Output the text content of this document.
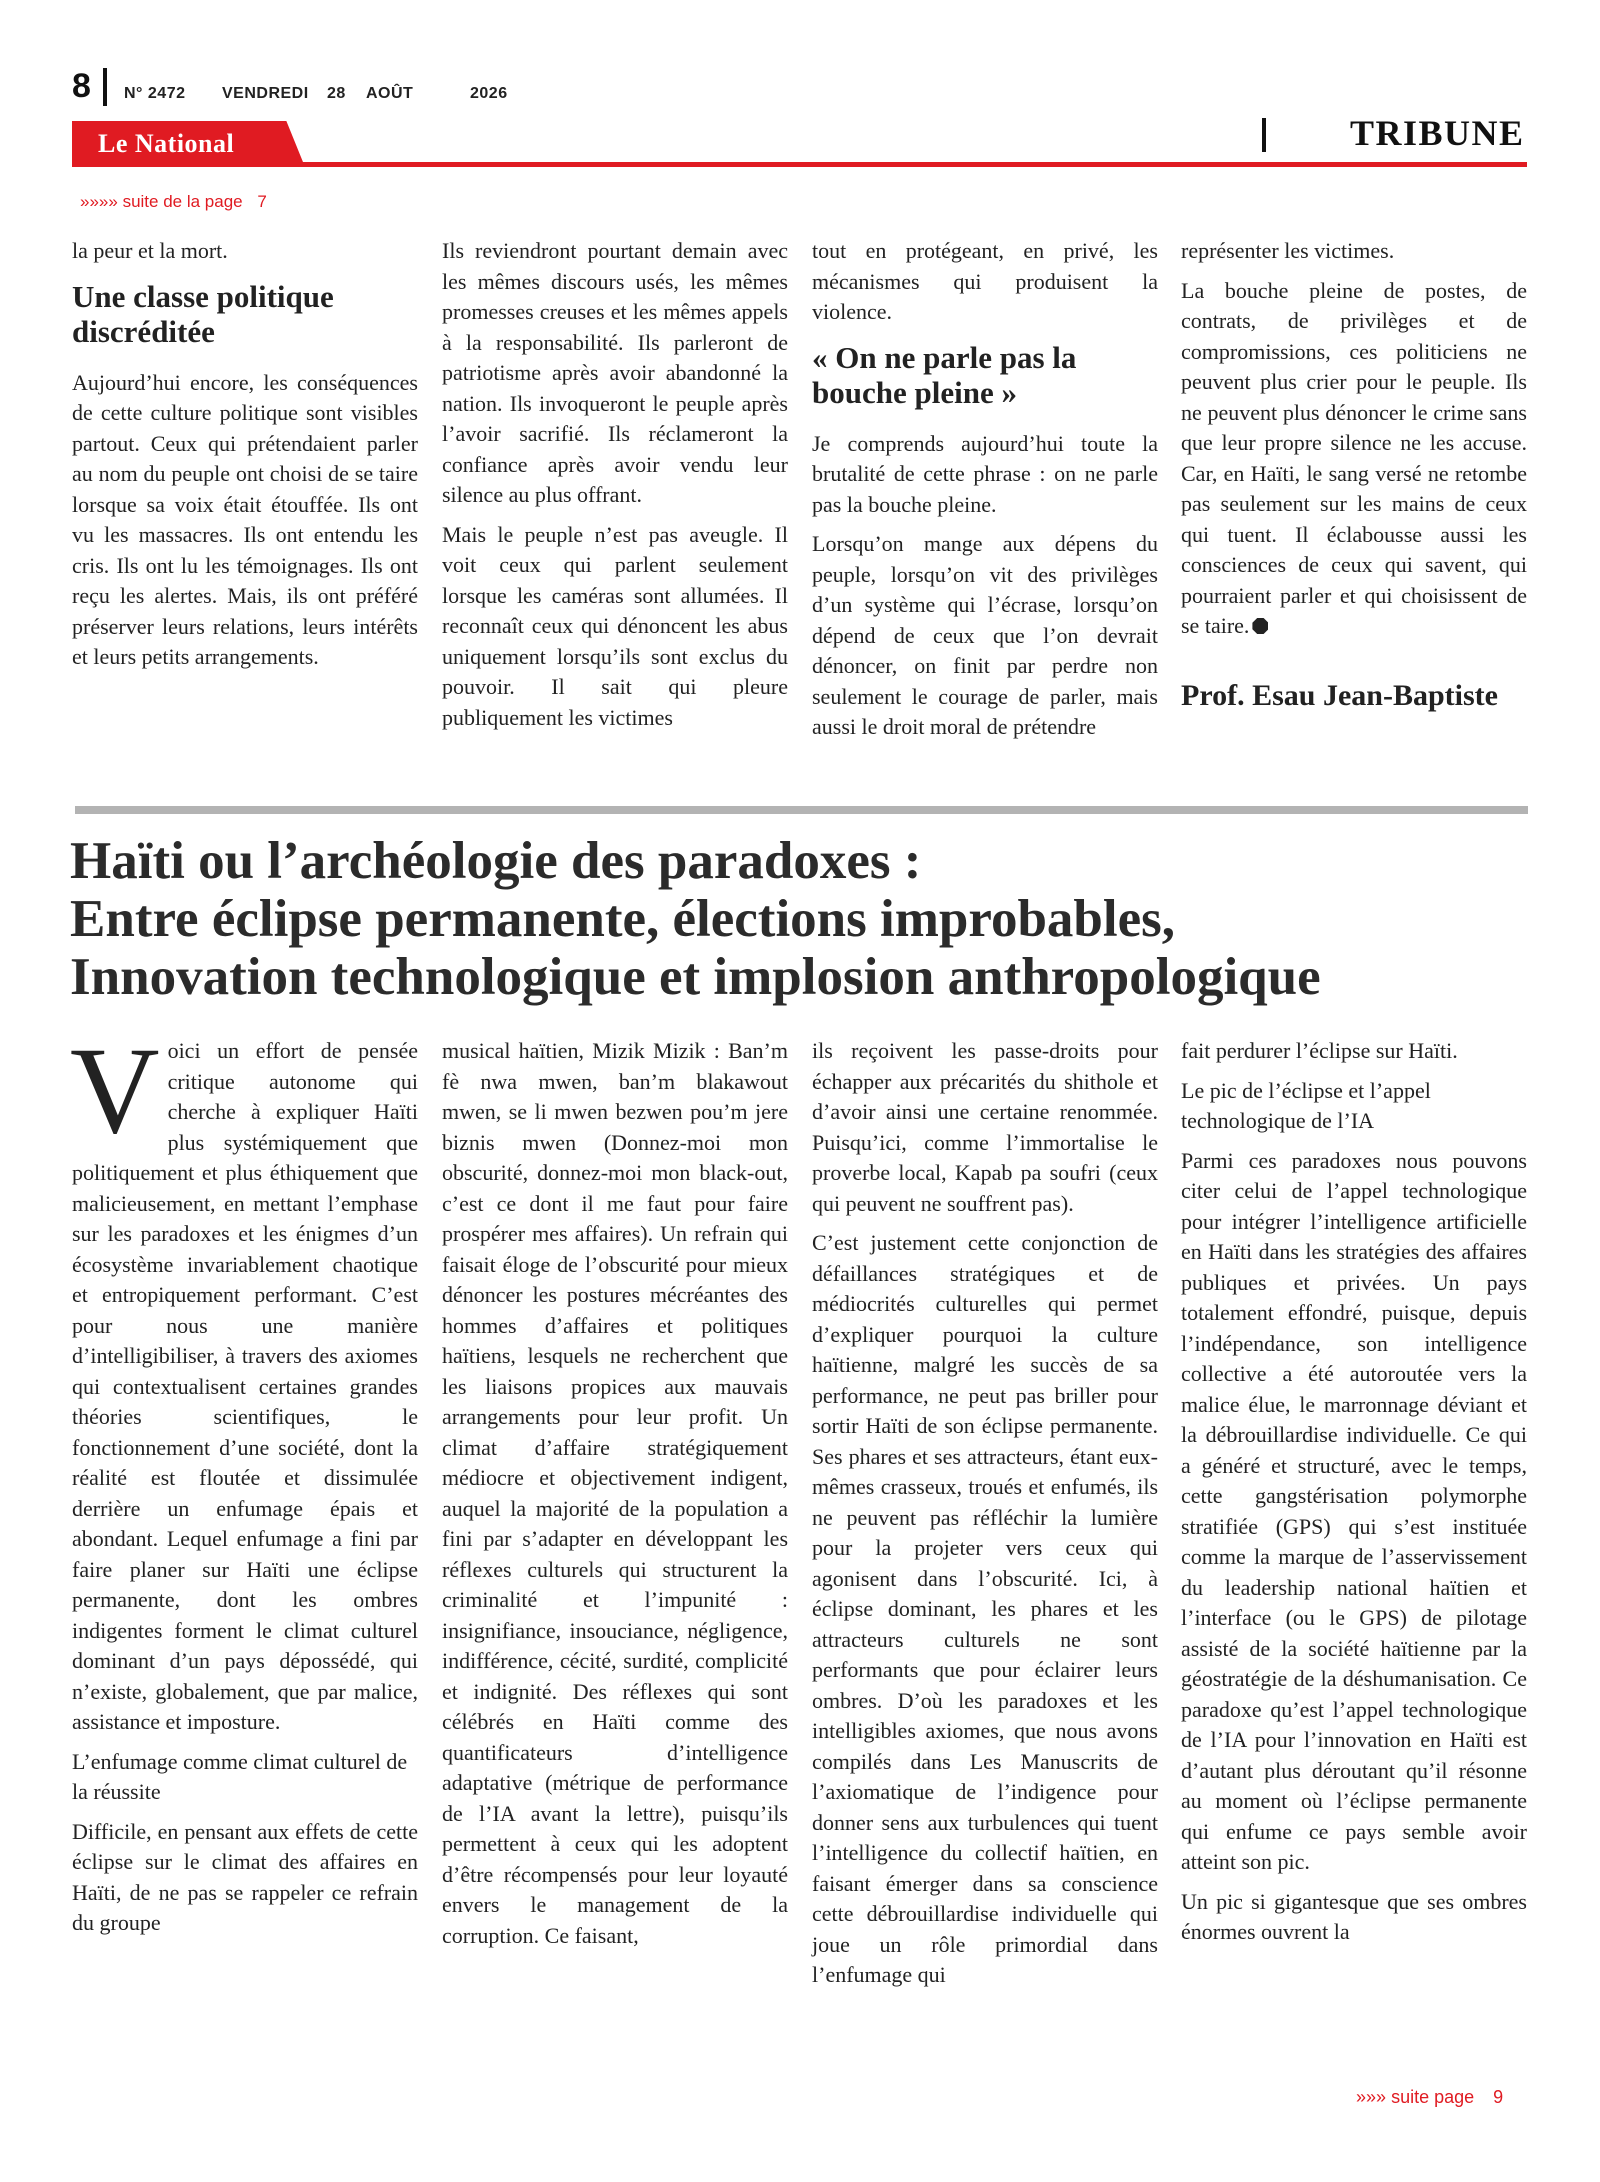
8 N° 2472 VENDREDI 28 AOÛT	2026
Le National	TRIBUNE
»»»» suite de la page 7

la peur et la mort.

Une classe politique discréditée

Aujourd’hui encore, les conséquences de cette culture politique sont visibles partout. Ceux qui prétendaient parler au nom du peuple ont choisi de se taire lorsque sa voix était étouffée. Ils ont vu les massacres. Ils ont entendu les cris. Ils ont lu les témoignages. Ils ont reçu les alertes. Mais, ils ont préféré préserver leurs relations, leurs intérêts et leurs petits arrangements.

Ils reviendront pourtant demain avec les mêmes discours usés, les mêmes promesses creuses et les mêmes appels à la responsabilité. Ils parleront de patriotisme après avoir abandonné la nation. Ils invoqueront le peuple après l’avoir sacrifié. Ils réclameront la confiance après avoir vendu leur silence au plus offrant.

Mais le peuple n’est pas aveugle. Il voit ceux qui parlent seulement lorsque les caméras sont allumées. Il reconnaît ceux qui dénoncent les abus uniquement lorsqu’ils sont exclus du pouvoir. Il sait qui pleure publiquement les victimes

tout en protégeant, en privé, les mécanismes qui produisent la violence.

« On ne parle pas la bouche pleine »

Je comprends aujourd’hui toute la brutalité de cette phrase : on ne parle pas la bouche pleine.

Lorsqu’on mange aux dépens du peuple, lorsqu’on vit des privilèges d’un système qui l’écrase, lorsqu’on dépend de ceux que l’on devrait dénoncer, on finit par perdre non seulement le courage de parler, mais aussi le droit moral de prétendre

représenter les victimes.

La bouche pleine de postes, de contrats, de privilèges et de compromissions, ces politiciens ne peuvent plus crier pour le peuple. Ils ne peuvent plus dénoncer le crime sans que leur propre silence ne les accuse. Car, en Haïti, le sang versé ne retombe pas seulement sur les mains de ceux qui tuent. Il éclabousse aussi les consciences de ceux qui savent, qui pourraient parler et qui choisissent de se taire.

Prof. Esau Jean-Baptiste
Haïti ou l’archéologie des paradoxes :
Entre éclipse permanente, élections improbables,
Innovation technologique et implosion anthropologique

Voici un effort de pensée critique autonome qui cherche à expliquer Haïti plus systémiquement que politiquement et plus éthiquement que malicieusement, en mettant l’emphase sur les paradoxes et les énigmes d’un écosystème invariablement chaotique et entropiquement performant. C’est pour nous une manière d’intelligibiliser, à travers des axiomes qui contextualisent certaines grandes théories scientifiques, le fonctionnement d’une société, dont la réalité est floutée et dissimulée derrière un enfumage épais et abondant. Lequel enfumage a fini par faire planer sur Haïti une éclipse permanente, dont les ombres indigentes forment le climat culturel dominant d’un pays dépossédé, qui n’existe, globalement, que par malice, assistance et imposture.

L’enfumage comme climat culturel de la réussite

Difficile, en pensant aux effets de cette éclipse sur le climat des affaires en Haïti, de ne pas se rappeler ce refrain du groupe

musical haïtien, Mizik Mizik : Ban’m fè nwa mwen, ban’m blakawout mwen, se li mwen bezwen pou’m jere biznis mwen (Donnez-moi mon obscurité, donnez-moi mon black-out, c’est ce dont il me faut pour faire prospérer mes affaires). Un refrain qui faisait éloge de l’obscurité pour mieux dénoncer les postures mécréantes des hommes d’affaires et politiques haïtiens, lesquels ne recherchent que les liaisons propices aux mauvais arrangements pour leur profit. Un climat d’affaire stratégiquement médiocre et objectivement indigent, auquel la majorité de la population a fini par s’adapter en développant les réflexes culturels qui structurent la criminalité et l’impunité : insignifiance, insouciance, négligence, indifférence, cécité, surdité, complicité et indignité. Des réflexes qui sont célébrés en Haïti comme des quantificateurs d’intelligence adaptative (métrique de performance de l’IA avant la lettre), puisqu’ils permettent à ceux qui les adoptent d’être récompensés pour leur loyauté envers le management de la corruption. Ce faisant,

ils reçoivent les passe-droits pour échapper aux précarités du shithole et d’avoir ainsi une certaine renommée. Puisqu’ici, comme l’immortalise le proverbe local, Kapab pa soufri (ceux qui peuvent ne souffrent pas).

C’est justement cette conjonction de défaillances stratégiques et de médiocrités culturelles qui permet d’expliquer pourquoi la culture haïtienne, malgré les succès de sa performance, ne peut pas briller pour sortir Haïti de son éclipse permanente. Ses phares et ses attracteurs, étant eux-mêmes crasseux, troués et enfumés, ils ne peuvent pas réfléchir la lumière pour la projeter vers ceux qui agonisent dans l’obscurité. Ici, à éclipse dominant, les phares et les attracteurs culturels ne sont performants que pour éclairer leurs ombres. D’où les paradoxes et les intelligibles axiomes, que nous avons compilés dans Les Manuscrits de l’axiomatique de l’indigence pour donner sens aux turbulences qui tuent l’intelligence du collectif haïtien, en faisant émerger dans sa conscience cette débrouillardise individuelle qui joue un rôle primordial dans l’enfumage qui

fait perdurer l’éclipse sur Haïti.

Le pic de l’éclipse et l’appel technologique de l’IA

Parmi ces paradoxes nous pouvons citer celui de l’appel technologique pour intégrer l’intelligence artificielle en Haïti dans les stratégies des affaires publiques et privées. Un pays totalement effondré, puisque, depuis l’indépendance, son intelligence collective a été autoroutée vers la malice élue, le marronnage déviant et la débrouillardise individuelle. Ce qui a généré et structuré, avec le temps, cette gangstérisation polymorphe stratifiée (GPS) qui s’est instituée comme la marque de l’asservissement du leadership national haïtien et l’interface (ou le GPS) de pilotage assisté de la société haïtienne par la géostratégie de la déshumanisation. Ce paradoxe qu’est l’appel technologique de l’IA pour l’innovation en Haïti est d’autant plus déroutant qu’il résonne au moment où l’éclipse permanente qui enfume ce pays semble avoir atteint son pic.

Un pic si gigantesque que ses ombres énormes ouvrent la

»»» suite page 9
